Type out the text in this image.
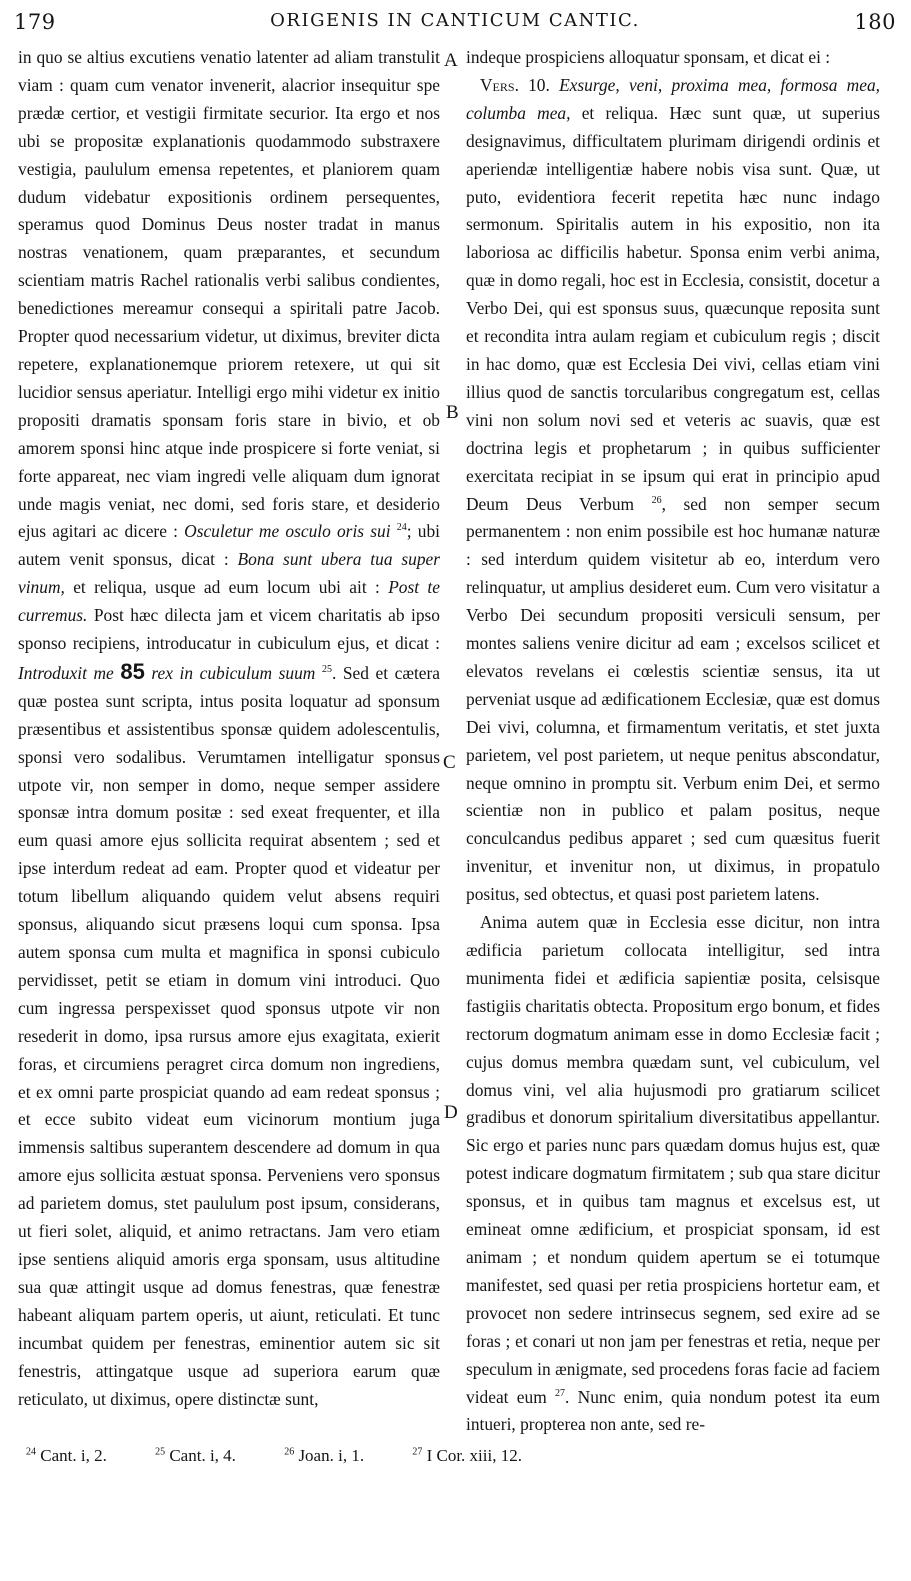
179	ORIGENIS IN CANTICUM CANTIC.	180

in quo se altius excutiens venatio latenter ad aliam transtulit viam : quam cum venator invenerit, alacrior insequitur spe prædæ certior, et vestigii firmitate securior. Ita ergo et nos ubi se propositæ explanationis quodammodo substraxere vestigia, paululum emensa repetentes, et planiorem quam dudum videbatur expositionis ordinem persequentes, speramus quod Dominus Deus noster tradat in manus nostras venationem, quam præparantes, et secundum scientiam matris Rachel rationalis verbi salibus condientes, benedictiones mereamur consequi a spiritali patre Jacob. Propter quod necessarium videtur, ut diximus, breviter dicta repetere, explanationemque priorem retexere, ut qui sit lucidior sensus aperiatur. Intelligi ergo mihi videtur ex initio propositi dramatis sponsam foris stare in bivio, et ob amorem sponsi hinc atque inde prospicere si forte veniat, si forte appareat, nec viam ingredi velle aliquam dum ignorat unde magis veniat, nec domi, sed foris stare, et desiderio ejus agitari ac dicere : Osculetur me osculo oris sui $^{24}$; ubi autem venit sponsus, dicat : Bona sunt ubera tua super vinum, et reliqua, usque ad eum locum ubi ait : Post te curremus. Post hæc dilecta jam et vicem charitatis ab ipso sponso recipiens, introducatur in cubiculum ejus, et dicat : Introduxit me 85 rex in cubiculum suum $^{25}$. Sed et cætera quæ postea sunt scripta, intus posita loquatur ad sponsum præsentibus et assistentibus sponsæ quidem adolescentulis, sponsi vero sodalibus. Verumtamen intelligatur sponsus utpote vir, non semper in domo, neque semper assidere sponsæ intra domum positæ : sed exeat frequenter, et illa eum quasi amore ejus sollicita requirat absentem ; sed et ipse interdum redeat ad eam. Propter quod et videatur per totum libellum aliquando quidem velut absens requiri sponsus, aliquando sicut præsens loqui cum sponsa. Ipsa autem sponsa cum multa et magnifica in sponsi cubiculo pervidisset, petit se etiam in domum vini introduci. Quo cum ingressa perspexisset quod sponsus utpote vir non resederit in domo, ipsa rursus amore ejus exagitata, exierit foras, et circumiens peragret circa domum non ingrediens, et ex omni parte prospiciat quando ad eam redeat sponsus ; et ecce subito videat eum vicinorum montium juga immensis saltibus superantem descendere ad domum in qua amore ejus sollicita æstuat sponsa. Perveniens vero sponsus ad parietem domus, stet paululum post ipsum, considerans, ut fieri solet, aliquid, et animo retractans. Jam vero etiam ipse sentiens aliquid amoris erga sponsam, usus altitudine sua quæ attingit usque ad domus fenestras, quæ fenestræ habeant aliquam partem operis, ut aiunt, reticulati. Et tunc incumbat quidem per fenestras, eminentior autem sic sit fenestris, attingatque usque ad superiora earum quæ reticulato, ut diximus, opere distinctæ sunt,

A
B
C
D

indeque prospiciens alloquatur sponsam, et dicat ei :

Vers. 10. Exsurge, veni, proxima mea, formosa mea, columba mea, et reliqua. Hæc sunt quæ, ut superius designavimus, difficultatem plurimam dirigendi ordinis et aperiendæ intelligentiæ habere nobis visa sunt. Quæ, ut puto, evidentiora fecerit repetita hæc nunc indago sermonum. Spiritalis autem in his expositio, non ita laboriosa ac difficilis habetur. Sponsa enim verbi anima, quæ in domo regali, hoc est in Ecclesia, consistit, docetur a Verbo Dei, qui est sponsus suus, quæcunque reposita sunt et recondita intra aulam regiam et cubiculum regis ; discit in hac domo, quæ est Ecclesia Dei vivi, cellas etiam vini illius quod de sanctis torcularibus congregatum est, cellas vini non solum novi sed et veteris ac suavis, quæ est doctrina legis et prophetarum ; in quibus sufficienter exercitata recipiat in se ipsum qui erat in principio apud Deum Deus Verbum $^{26}$, sed non semper secum permanentem : non enim possibile est hoc humanæ naturæ : sed interdum quidem visitetur ab eo, interdum vero relinquatur, ut amplius desideret eum. Cum vero visitatur a Verbo Dei secundum propositi versiculi sensum, per montes saliens venire dicitur ad eam ; excelsos scilicet et elevatos revelans ei cœlestis scientiæ sensus, ita ut perveniat usque ad ædificationem Ecclesiæ, quæ est domus Dei vivi, columna, et firmamentum veritatis, et stet juxta parietem, vel post parietem, ut neque penitus abscondatur, neque omnino in promptu sit. Verbum enim Dei, et sermo scientiæ non in publico et palam positus, neque conculcandus pedibus apparet ; sed cum quæsitus fuerit invenitur, et invenitur non, ut diximus, in propatulo positus, sed obtectus, et quasi post parietem latens.

Anima autem quæ in Ecclesia esse dicitur, non intra ædificia parietum collocata intelligitur, sed intra munimenta fidei et ædificia sapientiæ posita, celsisque fastigiis charitatis obtecta. Propositum ergo bonum, et fides rectorum dogmatum animam esse in domo Ecclesiæ facit ; cujus domus membra quædam sunt, vel cubiculum, vel domus vini, vel alia hujusmodi pro gratiarum scilicet gradibus et donorum spiritalium diversitatibus appellantur. Sic ergo et paries nunc pars quædam domus hujus est, quæ potest indicare dogmatum firmitatem ; sub qua stare dicitur sponsus, et in quibus tam magnus et excelsus est, ut emineat omne ædificium, et prospiciat sponsam, id est animam ; et nondum quidem apertum se ei totumque manifestet, sed quasi per retia prospiciens hortetur eam, et provocet non sedere intrinsecus segnem, sed exire ad se foras ; et conari ut non jam per fenestras et retia, neque per speculum in ænigmate, sed procedens foras facie ad faciem videat eum $^{27}$. Nunc enim, quia nondum potest ita eum intueri, propterea non ante, sed re-

$^{24}$ Cant. i, 2.	$^{25}$ Cant. i, 4.	$^{26}$ Joan. i, 1.	$^{27}$ I Cor. xiii, 12.
